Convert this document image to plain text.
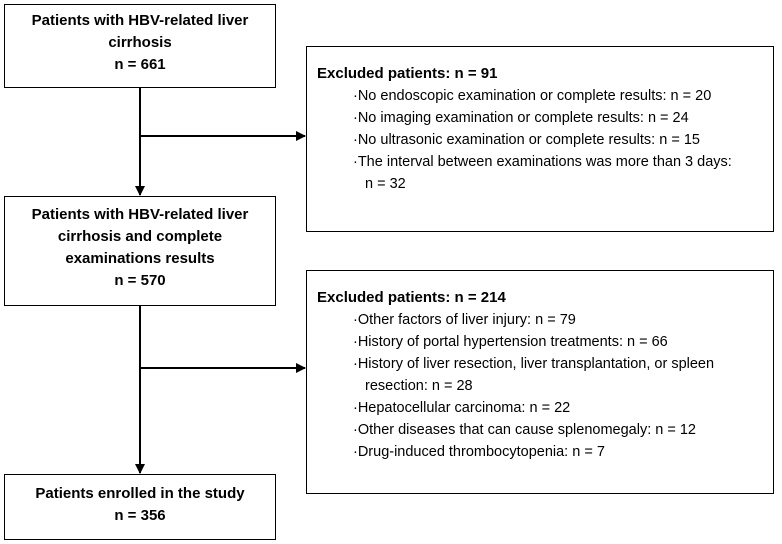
Patients with HBV-related liver
cirrhosis
n = 661
Patients with HBV-related liver
cirrhosis and complete
examinations results
n = 570
Patients enrolled in the study
n = 356
Excluded patients: n = 91
·No endoscopic examination or complete results: n = 20
·No imaging examination or complete results: n = 24
·No ultrasonic examination or complete results: n = 15
·The interval between examinations was more than 3 days:
n = 32
Excluded patients: n = 214
·Other factors of liver injury: n = 79
·History of portal hypertension treatments: n = 66
·History of liver resection, liver transplantation, or spleen
resection: n = 28
·Hepatocellular carcinoma: n = 22
·Other diseases that can cause splenomegaly: n = 12
·Drug-induced thrombocytopenia: n = 7
